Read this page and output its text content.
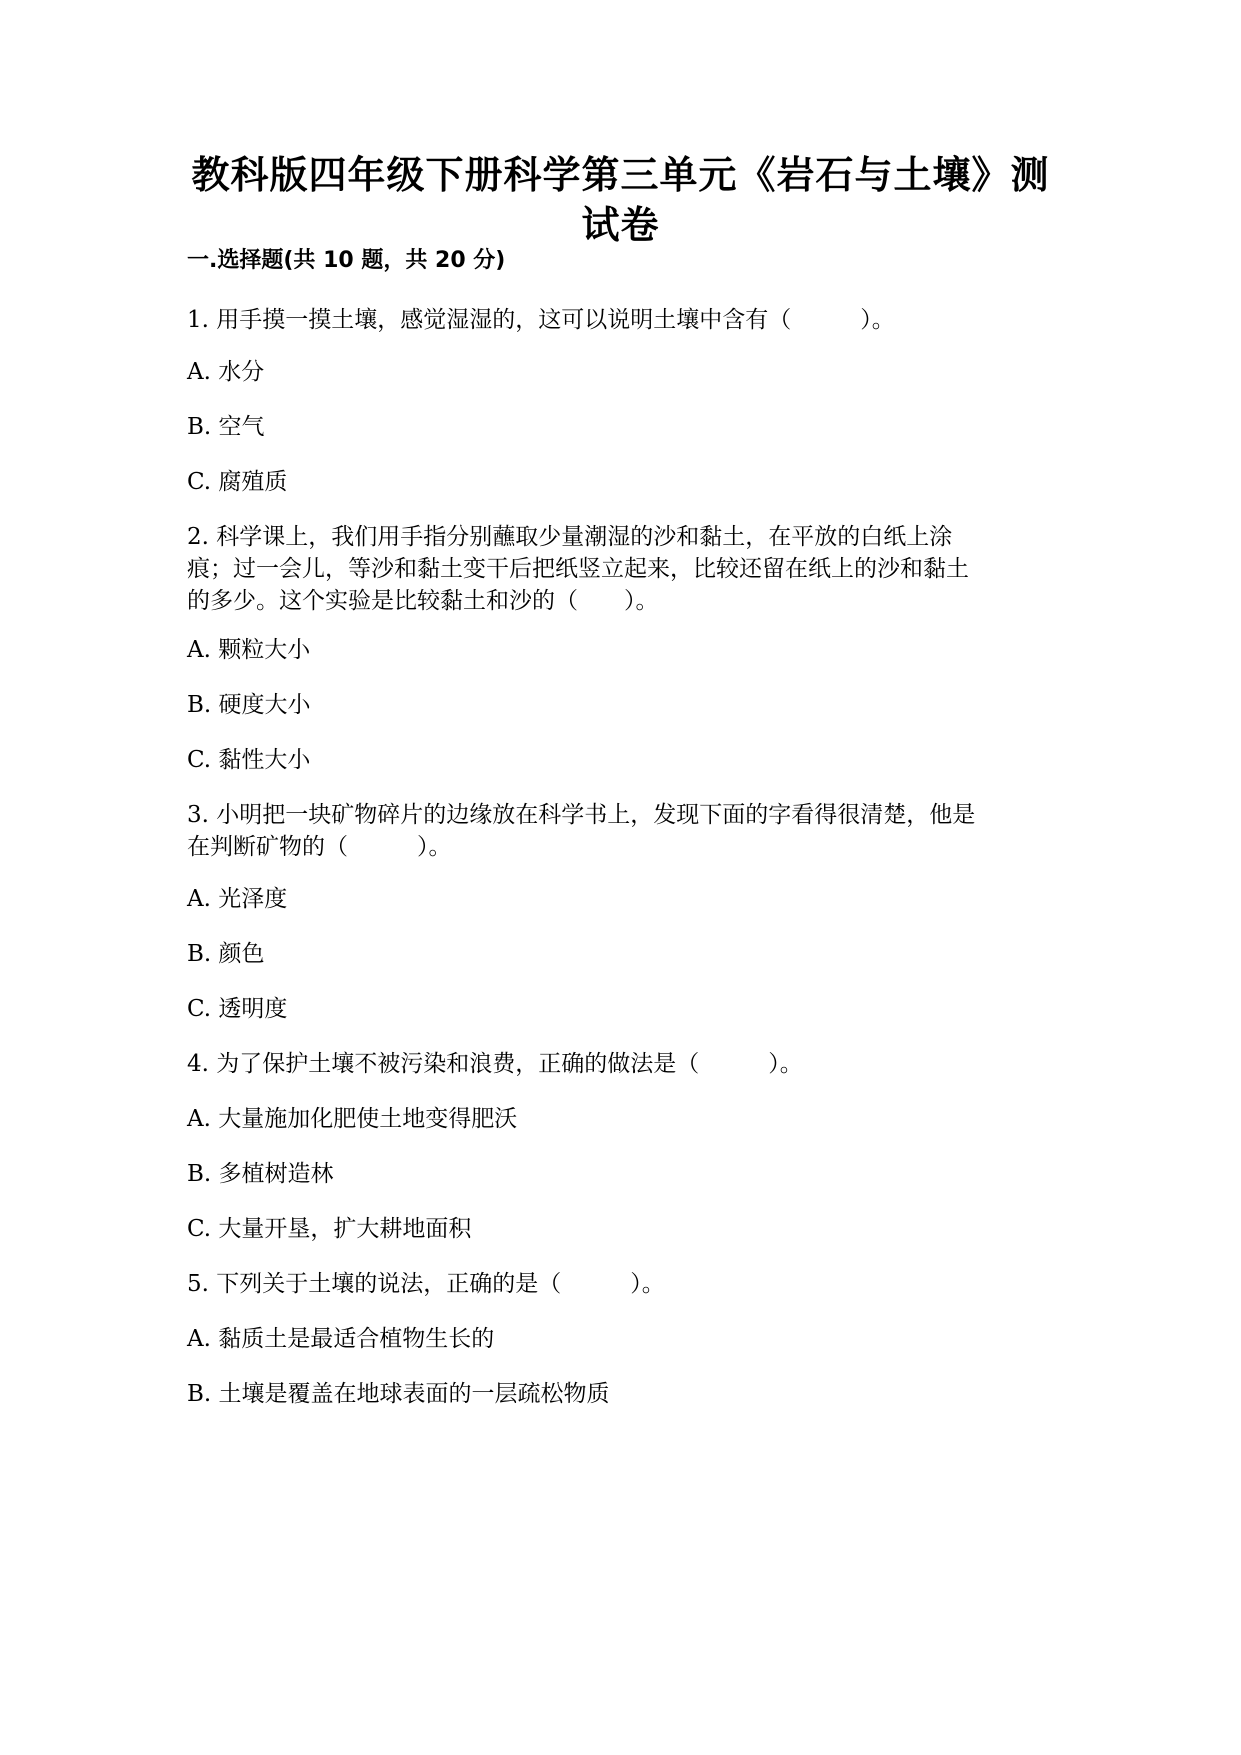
教科版四年级下册科学第三单元《岩石与土壤》测
试卷
一.选择题(共 10 题，共 20 分)
1. 用手摸一摸土壤，感觉湿湿的，这可以说明土壤中含有（　　　）。
A. 水分
B. 空气
C. 腐殖质
2. 科学课上，我们用手指分别蘸取少量潮湿的沙和黏土，在平放的白纸上涂
痕；过一会儿，等沙和黏土变干后把纸竖立起来，比较还留在纸上的沙和黏土
的多少。这个实验是比较黏土和沙的（　　）。
A. 颗粒大小
B. 硬度大小
C. 黏性大小
3. 小明把一块矿物碎片的边缘放在科学书上，发现下面的字看得很清楚，他是
在判断矿物的（　　　）。
A. 光泽度
B. 颜色
C. 透明度
4. 为了保护土壤不被污染和浪费，正确的做法是（　　　）。
A. 大量施加化肥使土地变得肥沃
B. 多植树造林
C. 大量开垦，扩大耕地面积
5. 下列关于土壤的说法，正确的是（　　　）。
A. 黏质土是最适合植物生长的
B. 土壤是覆盖在地球表面的一层疏松物质
